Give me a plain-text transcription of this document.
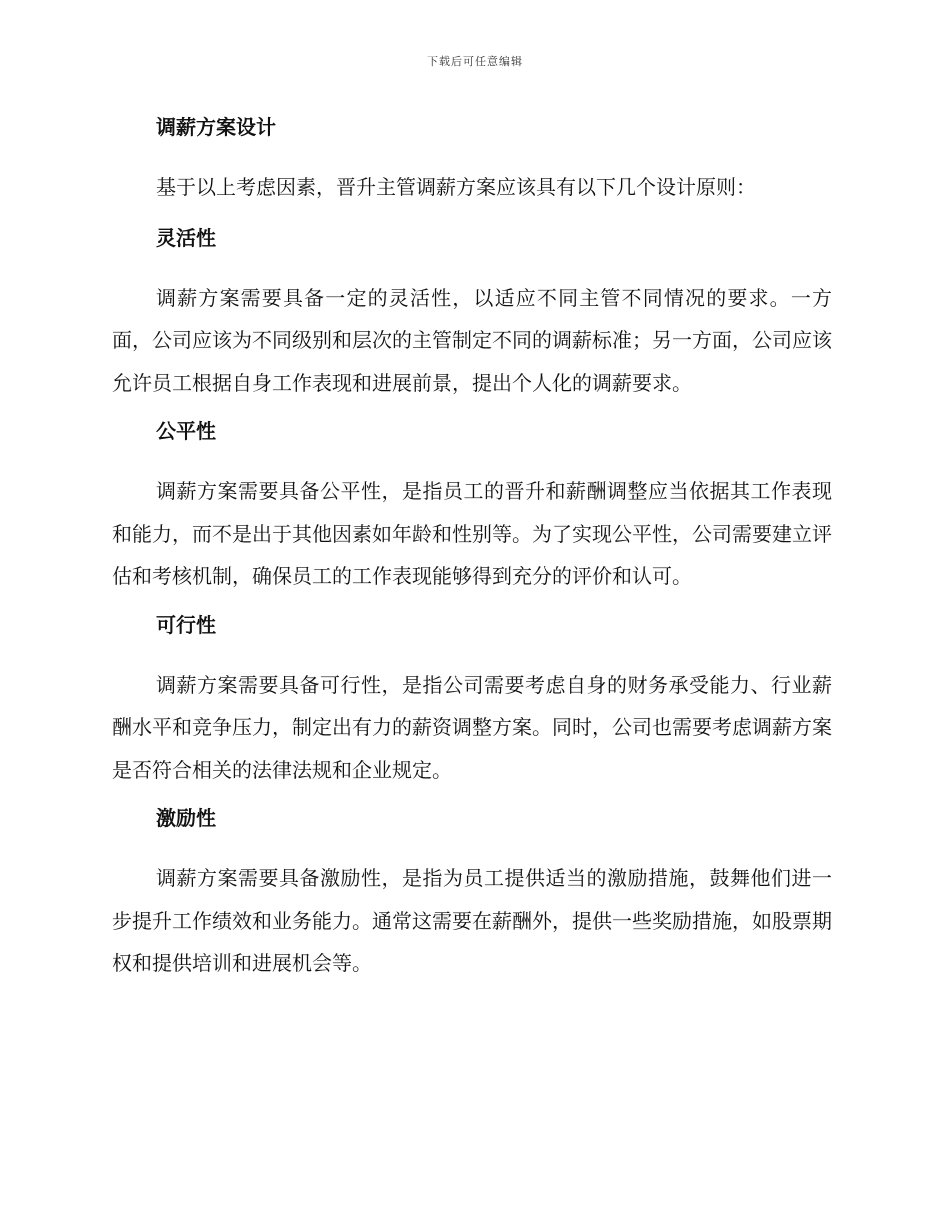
下载后可任意编辑
调薪方案设计
基于以上考虑因素，晋升主管调薪方案应该具有以下几个设计原则：
灵活性
调薪方案需要具备一定的灵活性，以适应不同主管不同情况的要求。一方面，公司应该为不同级别和层次的主管制定不同的调薪标准；另一方面，公司应该允许员工根据自身工作表现和进展前景，提出个人化的调薪要求。
公平性
调薪方案需要具备公平性，是指员工的晋升和薪酬调整应当依据其工作表现和能力，而不是出于其他因素如年龄和性别等。为了实现公平性，公司需要建立评估和考核机制，确保员工的工作表现能够得到充分的评价和认可。
可行性
调薪方案需要具备可行性，是指公司需要考虑自身的财务承受能力、行业薪酬水平和竞争压力，制定出有力的薪资调整方案。同时，公司也需要考虑调薪方案是否符合相关的法律法规和企业规定。
激励性
调薪方案需要具备激励性，是指为员工提供适当的激励措施，鼓舞他们进一步提升工作绩效和业务能力。通常这需要在薪酬外，提供一些奖励措施，如股票期权和提供培训和进展机会等。
